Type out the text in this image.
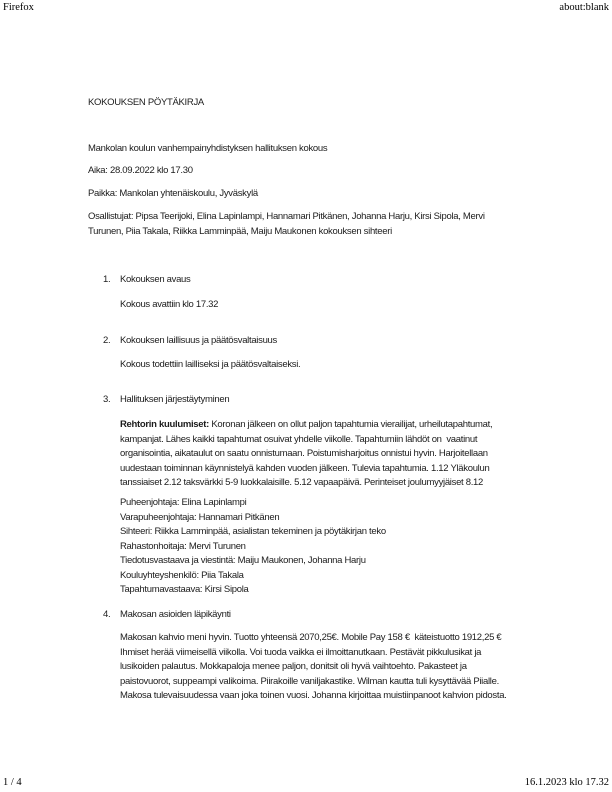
Firefox	about:blank
KOKOUKSEN PÖYTÄKIRJA
Mankolan koulun vanhempainyhdistyksen hallituksen kokous
Aika: 28.09.2022 klo 17.30
Paikka: Mankolan yhtenäiskoulu, Jyväskylä
Osallistujat: Pipsa Teerijoki, Elina Lapinlampi, Hannamari Pitkänen, Johanna Harju, Kirsi Sipola, Mervi
Turunen, Piia Takala, Riikka Lamminpää, Maiju Maukonen kokouksen sihteeri
1. Kokouksen avaus
Kokous avattiin klo 17.32
2. Kokouksen laillisuus ja päätösvaltaisuus
Kokous todettiin lailliseksi ja päätösvaltaiseksi.
3. Hallituksen järjestäytyminen
Rehtorin kuulumiset: Koronan jälkeen on ollut paljon tapahtumia vierailijat, urheilutapahtumat,
kampanjat. Lähes kaikki tapahtumat osuivat yhdelle viikolle. Tapahtumiin lähdöt on  vaatinut
organisointia, aikataulut on saatu onnistumaan. Poistumisharjoitus onnistui hyvin. Harjoitellaan
uudestaan toiminnan käynnistelyä kahden vuoden jälkeen. Tulevia tapahtumia. 1.12 Yläkoulun
tanssiaiset 2.12 taksvärkki 5-9 luokkalaisille. 5.12 vapaapäivä. Perinteiset joulumyyjäiset 8.12
Puheenjohtaja: Elina Lapinlampi
Varapuheenjohtaja: Hannamari Pitkänen
Sihteeri: Riikka Lamminpää, asialistan tekeminen ja pöytäkirjan teko
Rahastonhoitaja: Mervi Turunen
Tiedotusvastaava ja viestintä: Maiju Maukonen, Johanna Harju
Kouluyhteyshenkilö: Piia Takala
Tapahtumavastaava: Kirsi Sipola
4. Makosan asioiden läpikäynti
Makosan kahvio meni hyvin. Tuotto yhteensä 2070,25€. Mobile Pay 158 €  käteistuotto 1912,25 €
Ihmiset herää viimeisellä viikolla. Voi tuoda vaikka ei ilmoittanutkaan. Pestävät pikkulusikat ja
lusikoiden palautus. Mokkapaloja menee paljon, donitsit oli hyvä vaihtoehto. Pakasteet ja
paistovuorot, suppeampi valikoima. Piirakoille vaniljakastike. Wilman kautta tuli kysyttävää Piialle.
Makosa tulevaisuudessa vaan joka toinen vuosi. Johanna kirjoittaa muistiinpanoot kahvion pidosta.
1 / 4	16.1.2023 klo 17.32
